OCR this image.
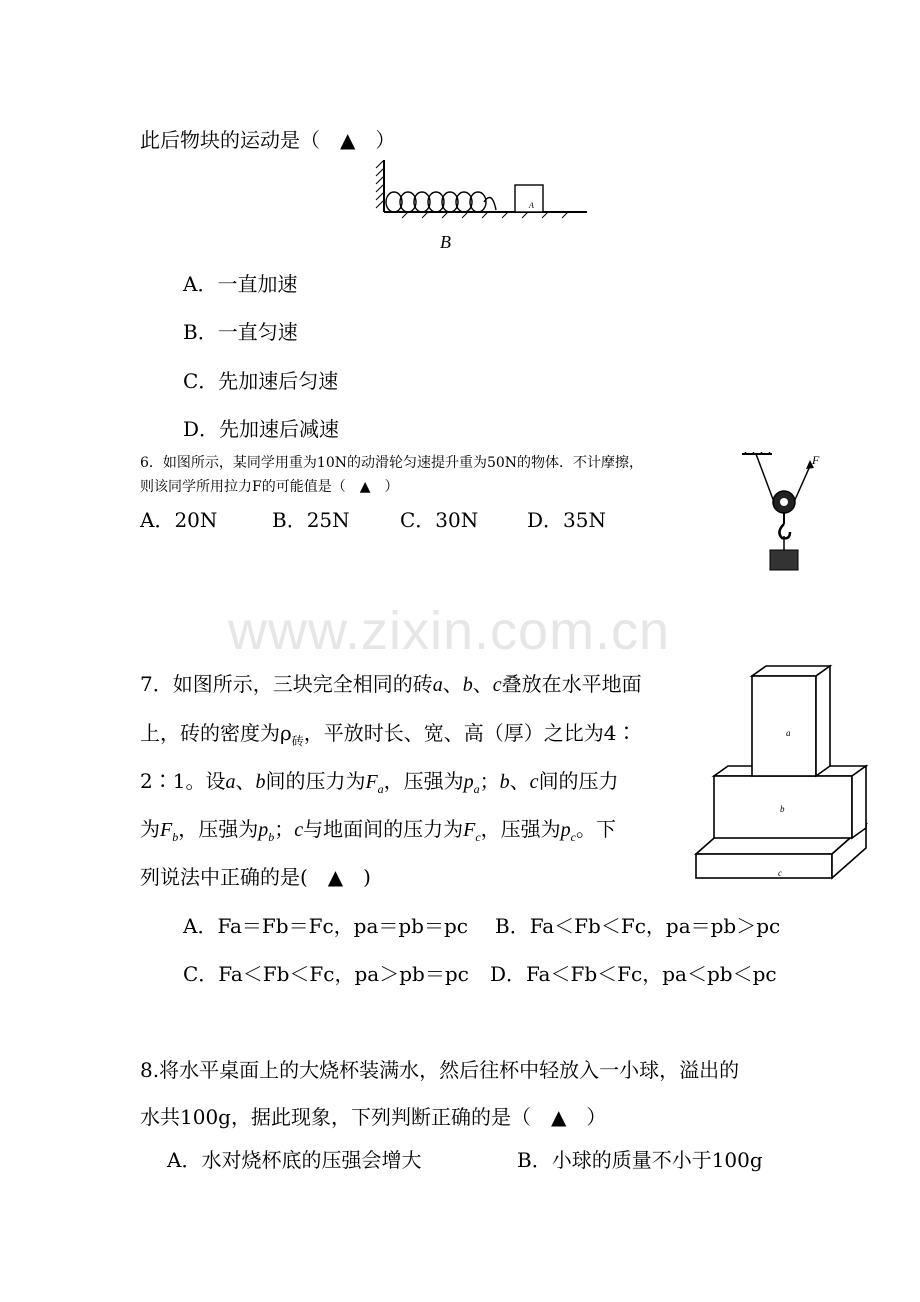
www.zixin.com.cn
此后物块的运动是（　▲　）
A
B
A．一直加速
B．一直匀速
C．先加速后匀速
D．先加速后减速
6．如图所示，某同学用重为10N的动滑轮匀速提升重为50N的物体．不计摩擦，
则该同学所用拉力F的可能值是（　▲　）
A．20N	B．25N	C．30N D．35N
F
7．如图所示，三块完全相同的砖a、b、c叠放在水平地面
上，砖的密度为$\rho_砖$，平放时长、宽、高（厚）之比为4∶
2∶1。设a、b间的压力为$F_a$，压强为$p_a$；b、c间的压力
为$F_b$，压强为$p_b$；c与地面间的压力为$F_c$，压强为$p_c$。下
列说法中正确的是(　▲　)
a
b
c
A．Fa＝Fb＝Fc，pa＝pb＝pc B．Fa＜Fb＜Fc，pa＝pb＞pc
C．Fa＜Fb＜Fc，pa＞pb＝pc D．Fa＜Fb＜Fc，pa＜pb＜pc
8.将水平桌面上的大烧杯装满水，然后往杯中轻放入一小球，溢出的
水共100g，据此现象，下列判断正确的是（　▲　）
A．水对烧杯底的压强会增大	B．小球的质量不小于100g
